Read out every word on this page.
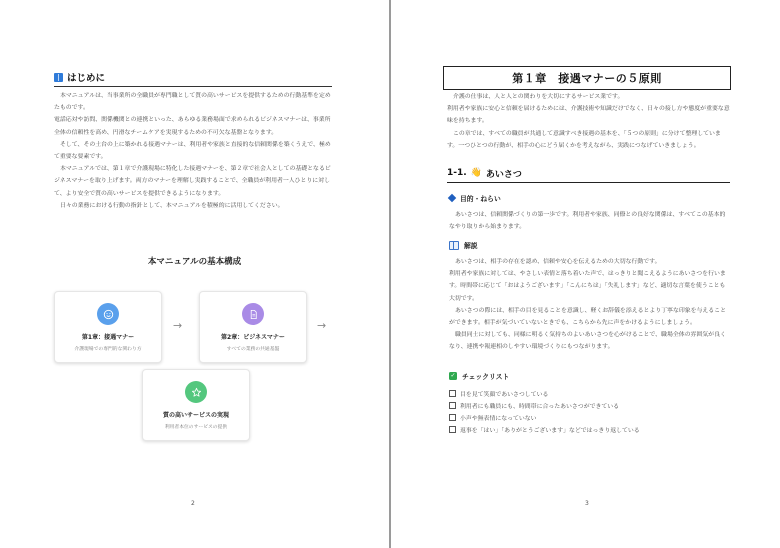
はじめに

本マニュアルは、当事業所の全職員が専門職として質の高いサービスを提供するための行動基準を定めたものです。

電話応対や訪問、関係機関との連携といった、あらゆる業務場面で求められるビジネスマナーは、事業所全体の信頼性を高め、円滑なチームケアを実現するための不可欠な基盤となります。

そして、その土台の上に築かれる接遇マナーは、利用者や家族と直接的な信頼関係を築くうえで、極めて重要な要素です。

本マニュアルでは、第１章で介護現場に特化した接遇マナーを、第２章で社会人としての基礎となるビジネスマナーを取り上げます。両方のマナーを理解し実践することで、全職員が利用者一人ひとりに対して、より安全で質の高いサービスを提供できるようになります。

日々の業務における行動の指針として、本マニュアルを積極的に活用してください。

本マニュアルの基本構成
第1章：接遇マナー
介護現場での専門的な関わり方
→
第2章：ビジネスマナー
すべての業務の共通基盤
→
質の高いサービスの実現
利用者本位のサービスの提供
2
第１章　接遇マナーの５原則

介護の仕事は、人と人との関わりを大切にするサービス業です。

利用者や家族に安心と信頼を届けるためには、介護技術や知識だけでなく、日々の接し方や態度が重要な意味を持ちます。

この章では、すべての職員が共通して意識すべき接遇の基本を、「５つの原則」に分けて整理しています。一つひとつの行動が、相手の心にどう届くかを考えながら、実践につなげていきましょう。

1-1. 👋 あいさつ
目的・ねらい

あいさつは、信頼関係づくりの第一歩です。利用者や家族、同僚との良好な関係は、すべてこの基本的なやり取りから始まります。

解説

あいさつは、相手の存在を認め、信頼や安心を伝えるための大切な行動です。

利用者や家族に対しては、やさしい表情と落ち着いた声で、はっきりと聞こえるようにあいさつを行います。時間帯に応じて「おはようございます」「こんにちは」「失礼します」など、適切な言葉を使うことも大切です。

あいさつの際には、相手の目を見ることを意識し、軽くお辞儀を添えるとより丁寧な印象を与えることができます。相手が気づいていないときでも、こちらから先に声をかけるようにしましょう。

職員同士に対しても、同様に明るく気持ちのよいあいさつを心がけることで、職場全体の雰囲気が良くなり、連携や報連相のしやすい環境づくりにもつながります。

✓ チェックリスト
目を見て笑顔であいさつしている
利用者にも職員にも、時間帯に合ったあいさつができている
小声や無表情になっていない
返事を「はい」「ありがとうございます」などではっきり返している
3
